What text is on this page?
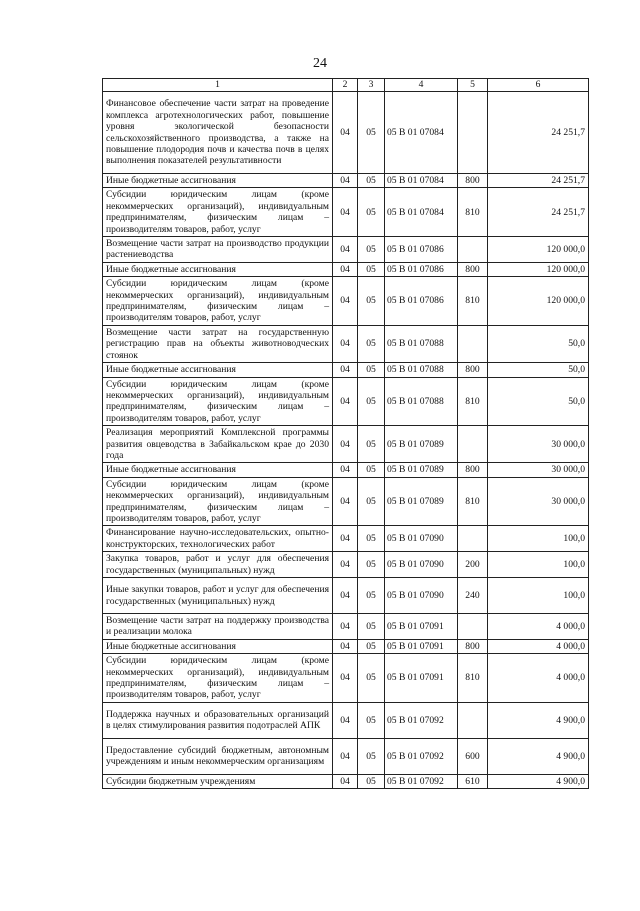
24
1	2	3	4	5	6
Финансовое обеспечение части затрат на проведение комплекса агротехнологических работ, повышение уровня экологической безопасности сельскохозяйственного производства, а также на повышение плодородия почв и качества почв в целях выполнения показателей результативности	04	05	05 В 01 07084		24 251,7
Иные бюджетные ассигнования	04	05	05 В 01 07084	800	24 251,7
Субсидии юридическим лицам (кроме некоммерческих организаций), индивидуальным предпринимателям, физическим лицам – производителям товаров, работ, услуг	04	05	05 В 01 07084	810	24 251,7
Возмещение части затрат на производство продукции растениеводства	04	05	05 В 01 07086		120 000,0
Иные бюджетные ассигнования	04	05	05 В 01 07086	800	120 000,0
Субсидии юридическим лицам (кроме некоммерческих организаций), индивидуальным предпринимателям, физическим лицам – производителям товаров, работ, услуг	04	05	05 В 01 07086	810	120 000,0
Возмещение части затрат на государственную регистрацию прав на объекты животноводческих стоянок	04	05	05 В 01 07088		50,0
Иные бюджетные ассигнования	04	05	05 В 01 07088	800	50,0
Субсидии юридическим лицам (кроме некоммерческих организаций), индивидуальным предпринимателям, физическим лицам – производителям товаров, работ, услуг	04	05	05 В 01 07088	810	50,0
Реализация мероприятий Комплексной программы развития овцеводства в Забайкальском крае до 2030 года	04	05	05 В 01 07089		30 000,0
Иные бюджетные ассигнования	04	05	05 В 01 07089	800	30 000,0
Субсидии юридическим лицам (кроме некоммерческих организаций), индивидуальным предпринимателям, физическим лицам – производителям товаров, работ, услуг	04	05	05 В 01 07089	810	30 000,0
Финансирование научно-исследовательских, опытно-конструкторских, технологических работ	04	05	05 В 01 07090		100,0
Закупка товаров, работ и услуг для обеспечения государственных (муниципальных) нужд	04	05	05 В 01 07090	200	100,0
Иные закупки товаров, работ и услуг для обеспечения государственных (муниципальных) нужд	04	05	05 В 01 07090	240	100,0
Возмещение части затрат на поддержку производства и реализации молока	04	05	05 В 01 07091		4 000,0
Иные бюджетные ассигнования	04	05	05 В 01 07091	800	4 000,0
Субсидии юридическим лицам (кроме некоммерческих организаций), индивидуальным предпринимателям, физическим лицам – производителям товаров, работ, услуг	04	05	05 В 01 07091	810	4 000,0
Поддержка научных и образовательных организаций в целях стимулирования развития подотраслей АПК	04	05	05 В 01 07092		4 900,0
Предоставление субсидий бюджетным, автономным учреждениям и иным некоммерческим организациям	04	05	05 В 01 07092	600	4 900,0
Субсидии бюджетным учреждениям	04	05	05 В 01 07092	610	4 900,0
